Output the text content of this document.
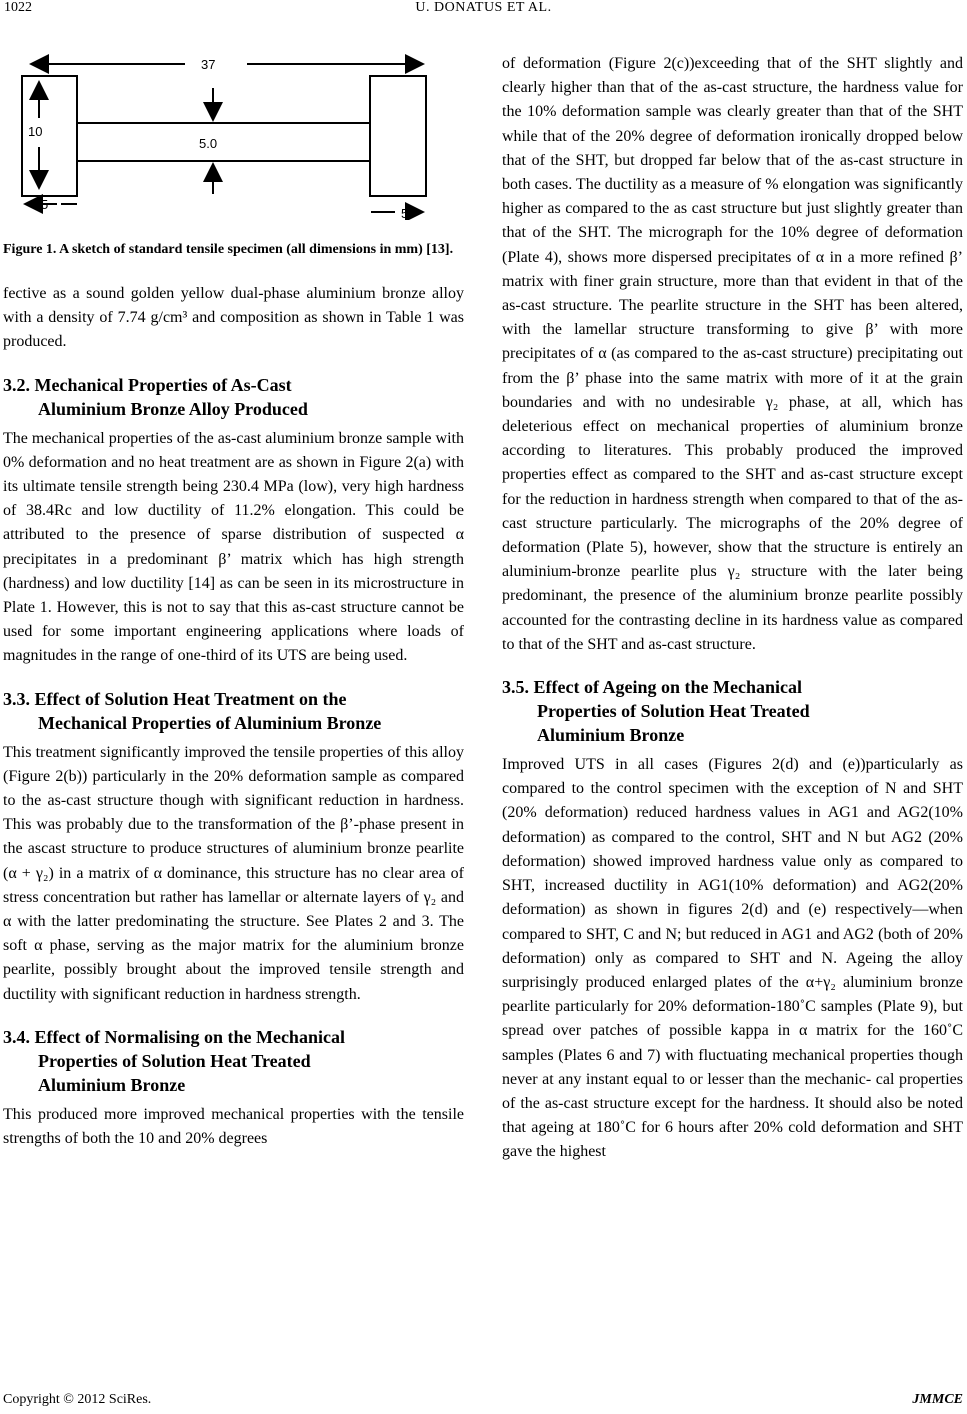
1022	U. DONATUS ET AL.
37
10
5.0
5
5
Figure 1. A sketch of standard tensile specimen (all dimensions in mm) [13].

fective as a sound golden yellow dual-phase aluminium bronze alloy with a density of 7.74 g/cm³ and composition as shown in Table 1 was produced.

3.2. Mechanical Properties of As-Cast
Aluminium Bronze Alloy Produced

The mechanical properties of the as-cast aluminium bronze sample with 0% deformation and no heat treatment are as shown in Figure 2(a) with its ultimate tensile strength being 230.4 MPa (low), very high hardness of 38.4Rc and low ductility of 11.2% elongation. This could be attributed to the presence of sparse distribution of suspected α precipitates in a predominant β’ matrix which has high strength (hardness) and low ductility [14] as can be seen in its microstructure in Plate 1. However, this is not to say that this as-cast structure cannot be used for some important engineering applications where loads of magnitudes in the range of one-third of its UTS are being used.

3.3. Effect of Solution Heat Treatment on the
Mechanical Properties of Aluminium Bronze

This treatment significantly improved the tensile properties of this alloy (Figure 2(b)) particularly in the 20% deformation sample as compared to the as-cast structure though with significant reduction in hardness. This was probably due to the transformation of the β’-phase present in the ascast structure to produce structures of aluminium bronze pearlite (α + γ₂) in a matrix of α dominance, this structure has no clear area of stress concentration but rather has lamellar or alternate layers of γ₂ and α with the latter predominating the structure. See Plates 2 and 3. The soft α phase, serving as the major matrix for the aluminium bronze pearlite, possibly brought about the improved tensile strength and ductility with significant reduction in hardness strength.

3.4. Effect of Normalising on the Mechanical
Properties of Solution Heat Treated
Aluminium Bronze

This produced more improved mechanical properties with the tensile strengths of both the 10 and 20% degrees

of deformation (Figure 2(c))exceeding that of the SHT slightly and clearly higher than that of the as-cast structure, the hardness value for the 10% deformation sample was clearly greater than that of the SHT while that of the 20% degree of deformation ironically dropped below that of the SHT, but dropped far below that of the as-cast structure in both cases. The ductility as a measure of % elongation was significantly higher as compared to the as cast structure but just slightly greater than that of the SHT. The micrograph for the 10% degree of deformation (Plate 4), shows more dispersed precipitates of α in a more refined β’ matrix with finer grain structure, more than that evident in that of the as-cast structure. The pearlite structure in the SHT has been altered, with the lamellar structure transforming to give β’ with more precipitates of α (as compared to the as-cast structure) precipitating out from the β’ phase into the same matrix with more of it at the grain boundaries and with no undesirable γ₂ phase, at all, which has deleterious effect on mechanical properties of aluminium bronze according to literatures. This probably produced the improved properties effect as compared to the SHT and as-cast structure except for the reduction in hardness strength when compared to that of the as-cast structure particularly. The micrographs of the 20% degree of deformation (Plate 5), however, show that the structure is entirely an aluminium-bronze pearlite plus γ₂ structure with the later being predominant, the presence of the aluminium bronze pearlite possibly accounted for the contrasting decline in its hardness value as compared to that of the SHT and as-cast structure.

3.5. Effect of Ageing on the Mechanical
Properties of Solution Heat Treated
Aluminium Bronze

Improved UTS in all cases (Figures 2(d) and (e))particularly as compared to the control specimen with the exception of N and SHT (20% deformation) reduced hardness values in AG1 and AG2(10% deformation) as compared to the control, SHT and N but AG2 (20% deformation) showed improved hardness value only as compared to SHT, increased ductility in AG1(10% deformation) and AG2(20% deformation) as shown in figures 2(d) and (e) respectively—when compared to SHT, C and N; but reduced in AG1 and AG2 (both of 20% deformation) only as compared to SHT and N. Ageing the alloy surprisingly produced enlarged plates of the α+γ₂ aluminium bronze pearlite particularly for 20% deformation-180˚C samples (Plate 9), but spread over patches of possible kappa in α matrix for the 160˚C samples (Plates 6 and 7) with fluctuating mechanical properties though never at any instant equal to or lesser than the mechanic- cal properties of the as-cast structure except for the hardness. It should also be noted that ageing at 180˚C for 6 hours after 20% cold deformation and SHT gave the highest

Copyright © 2012 SciRes.	JMMCE
